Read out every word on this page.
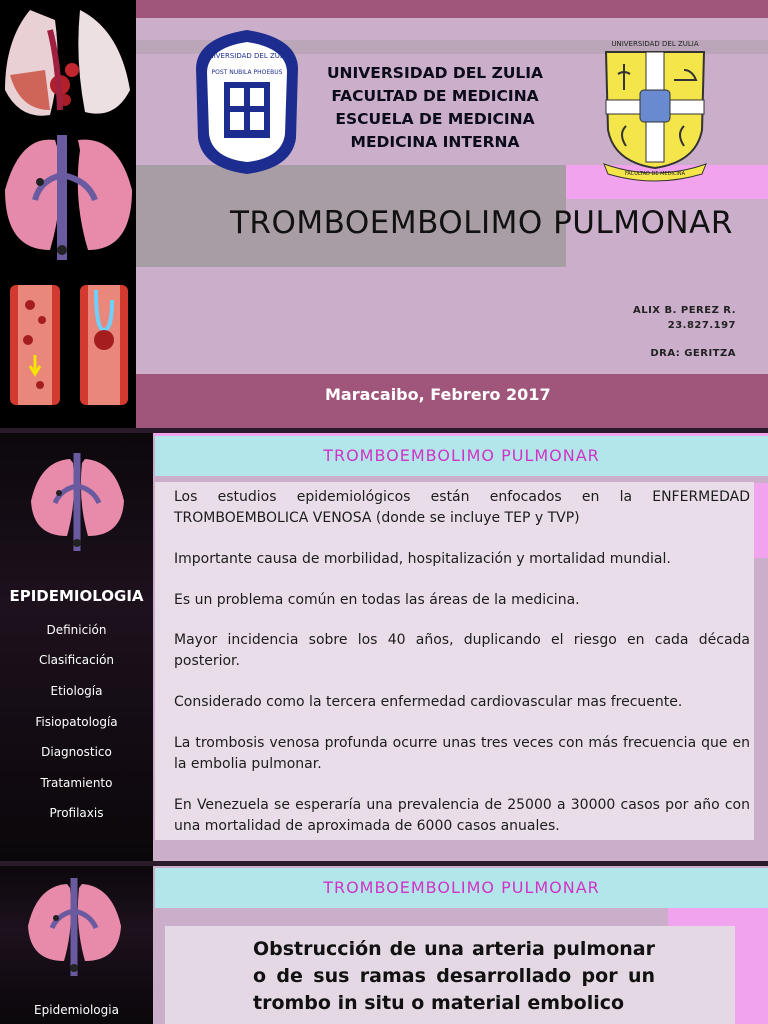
UNIVERSIDAD DEL ZULIA
POST NUBILA PHOEBUS	UNIVERSIDAD DEL ZULIA
FACULTAD DE MEDICINA
ESCUELA DE MEDICINA
MEDICINA INTERNA
UNIVERSIDAD DEL ZULIA
FACULTAD DE MEDICINA
TROMBOEMBOLIMO PULMONAR
ALIX B. PEREZ R.
23.827.197
DRA: GERITZA
Maracaibo, Febrero 2017
EPIDEMIOLOGIA
Definición
Clasificación
Etiología
Fisiopatología
Diagnostico
Tratamiento
Profilaxis
TROMBOEMBOLIMO PULMONAR

Los estudios epidemiológicos están enfocados en la ENFERMEDAD TROMBOEMBOLICA VENOSA (donde se incluye TEP y TVP)

Importante causa de morbilidad, hospitalización y mortalidad mundial.

Es un problema común en todas las áreas de la medicina.

Mayor incidencia sobre los 40 años, duplicando el riesgo en cada década posterior.

Considerado como la tercera enfermedad cardiovascular mas frecuente.

La trombosis venosa profunda ocurre unas tres veces con más frecuencia que en la embolia pulmonar.

En Venezuela se esperaría una prevalencia de 25000 a 30000 casos por año con una mortalidad de aproximada de 6000 casos anuales.

Epidemiologia
TROMBOEMBOLIMO PULMONAR
Obstrucción de una arteria pulmonar o de sus ramas desarrollado por un trombo in situ o material embolico
